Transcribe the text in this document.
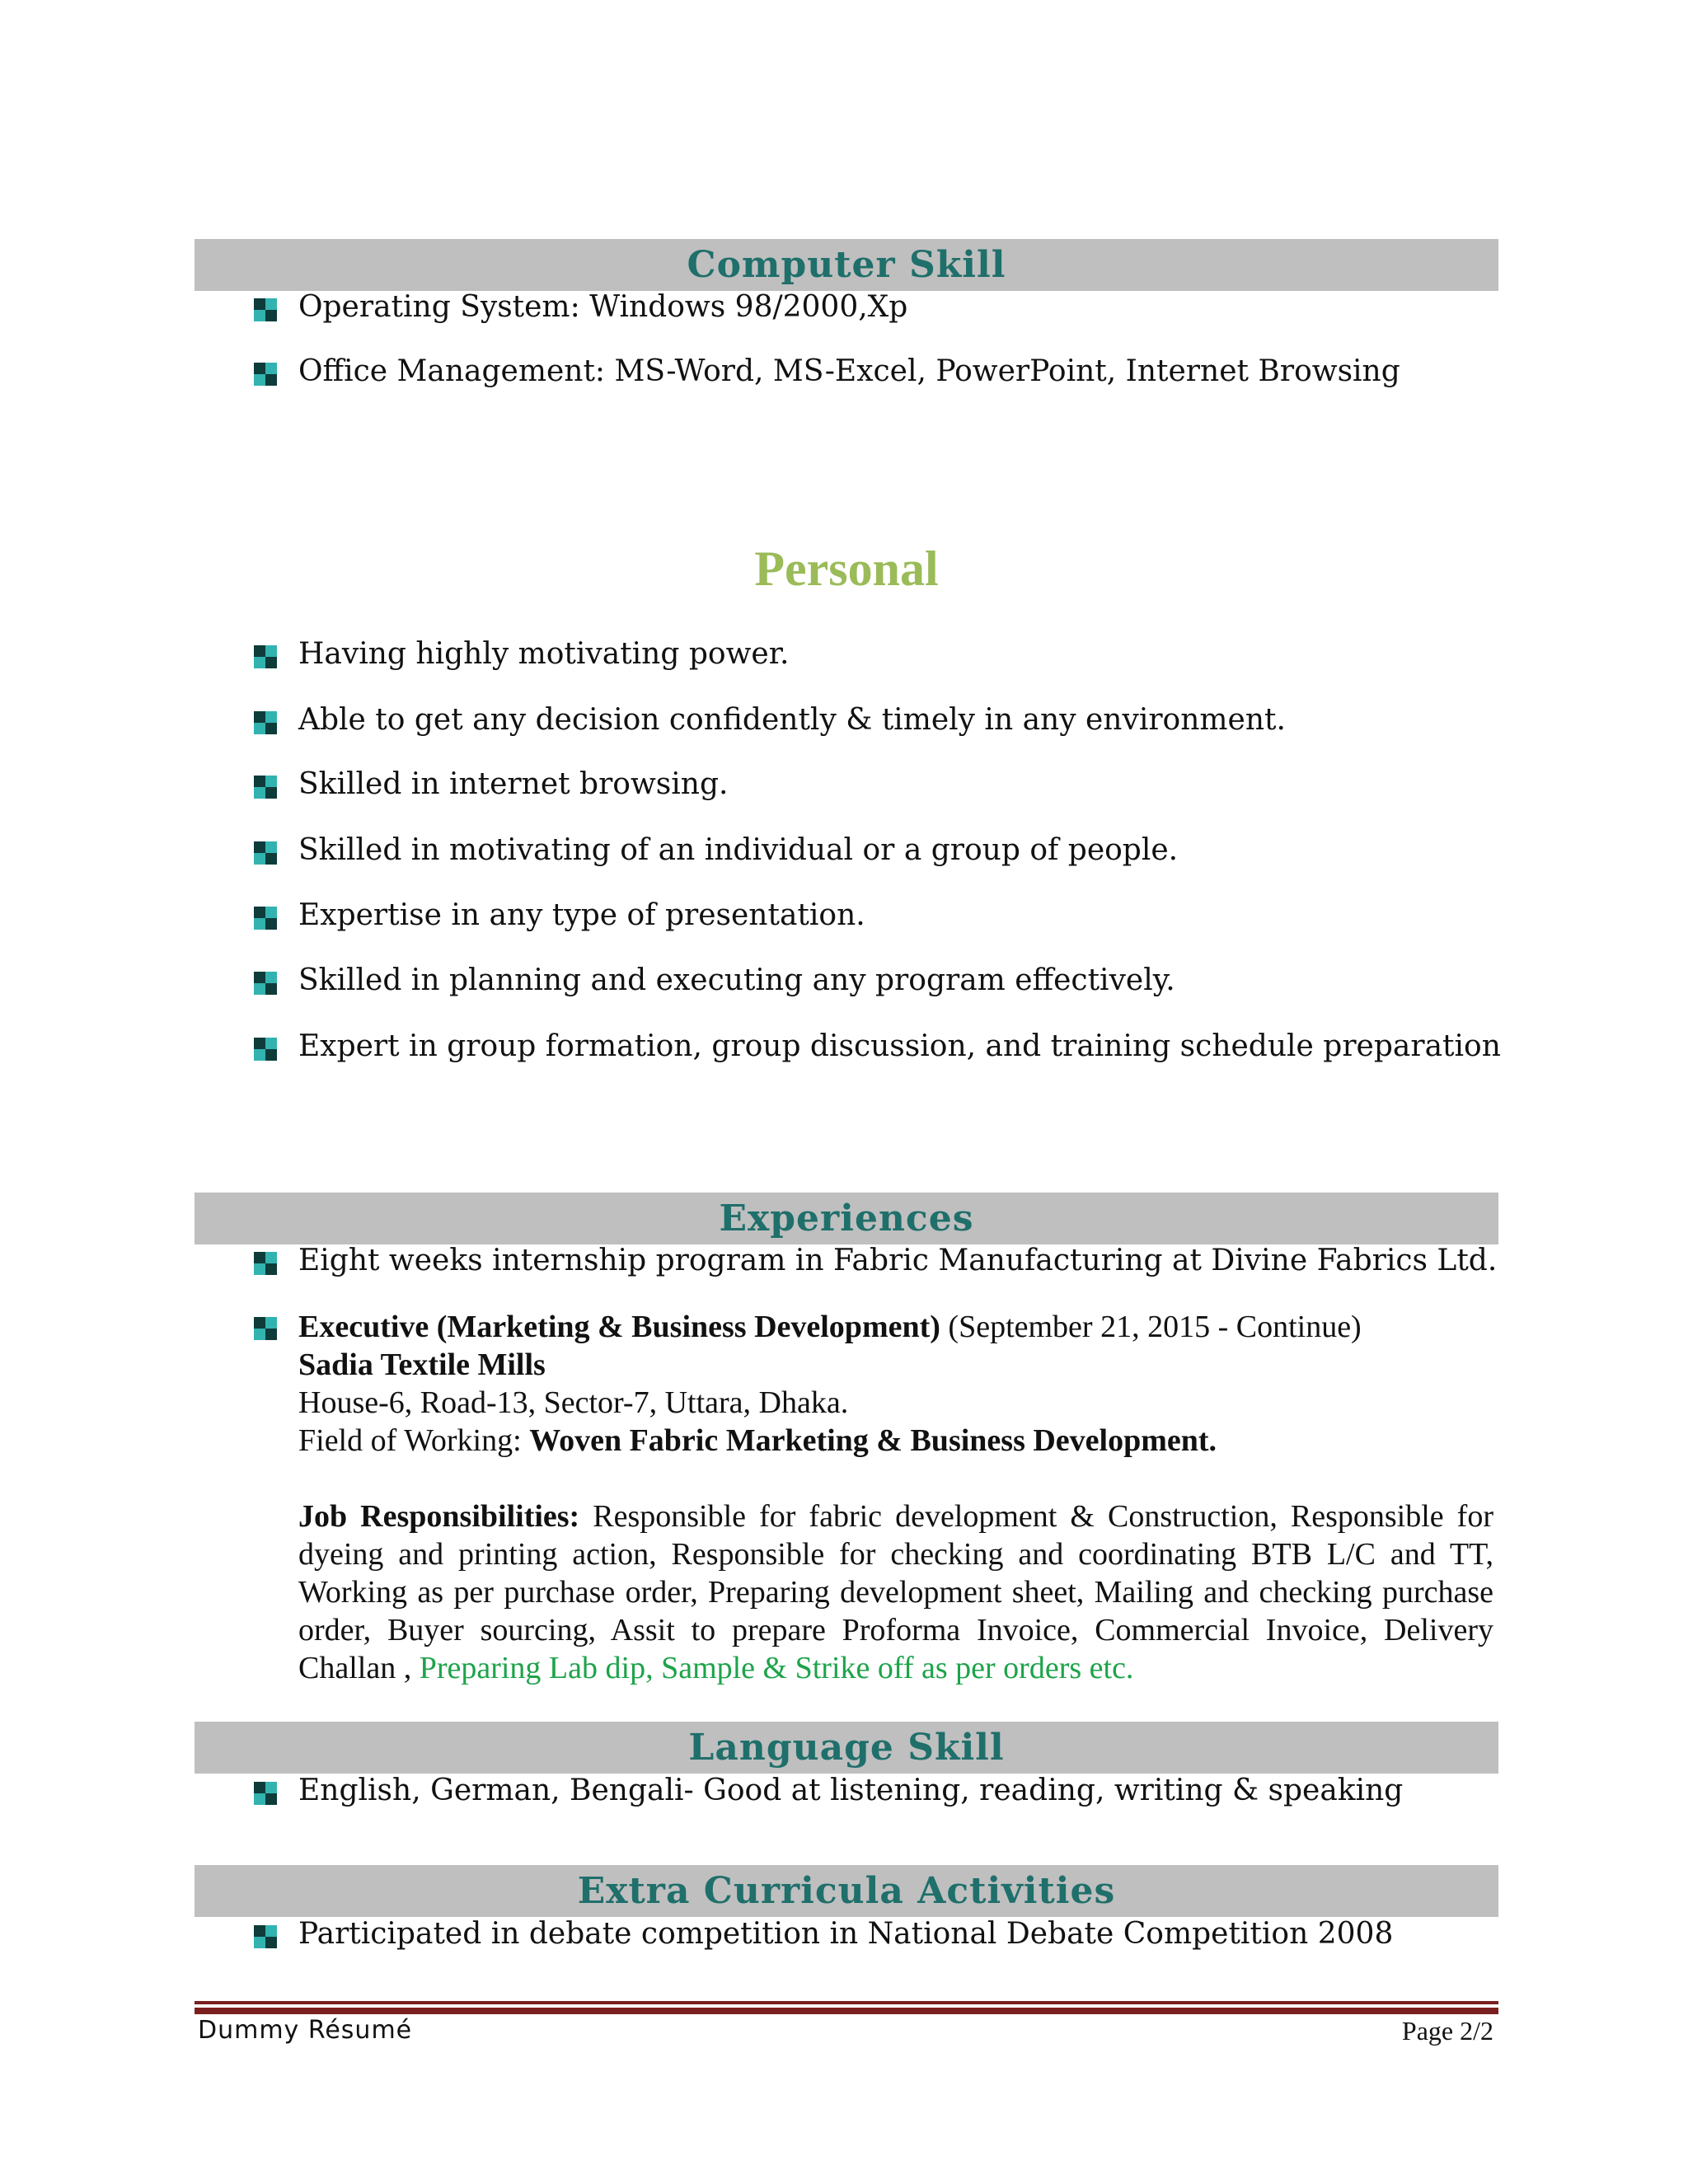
Computer Skill
Operating System: Windows 98/2000,Xp
Office Management: MS-Word, MS-Excel, PowerPoint, Internet Browsing
Personal
Having highly motivating power.
Able to get any decision confidently & timely in any environment.
Skilled in internet browsing.
Skilled in motivating of an individual or a group of people.
Expertise in any type of presentation.
Skilled in planning and executing any program effectively.
Expert in group formation, group discussion, and training schedule preparation
Experiences
Eight weeks internship program in Fabric Manufacturing at Divine Fabrics Ltd.
Executive (Marketing & Business Development) (September 21, 2015 - Continue)
Sadia Textile Mills
House-6, Road-13, Sector-7, Uttara, Dhaka.
Field of Working: Woven Fabric Marketing & Business Development.
Job Responsibilities: Responsible for fabric development & Construction, Responsible for dyeing and printing action, Responsible for checking and coordinating BTB L/C and TT, Working as per purchase order, Preparing development sheet, Mailing and checking purchase order, Buyer sourcing, Assit to prepare Proforma Invoice, Commercial Invoice, Delivery Challan , Preparing Lab dip, Sample & Strike off as per orders etc.
Language Skill
English, German, Bengali- Good at listening, reading, writing & speaking
Extra Curricula Activities
Participated in debate competition in National Debate Competition 2008
Dummy Résumé	Page 2/2
